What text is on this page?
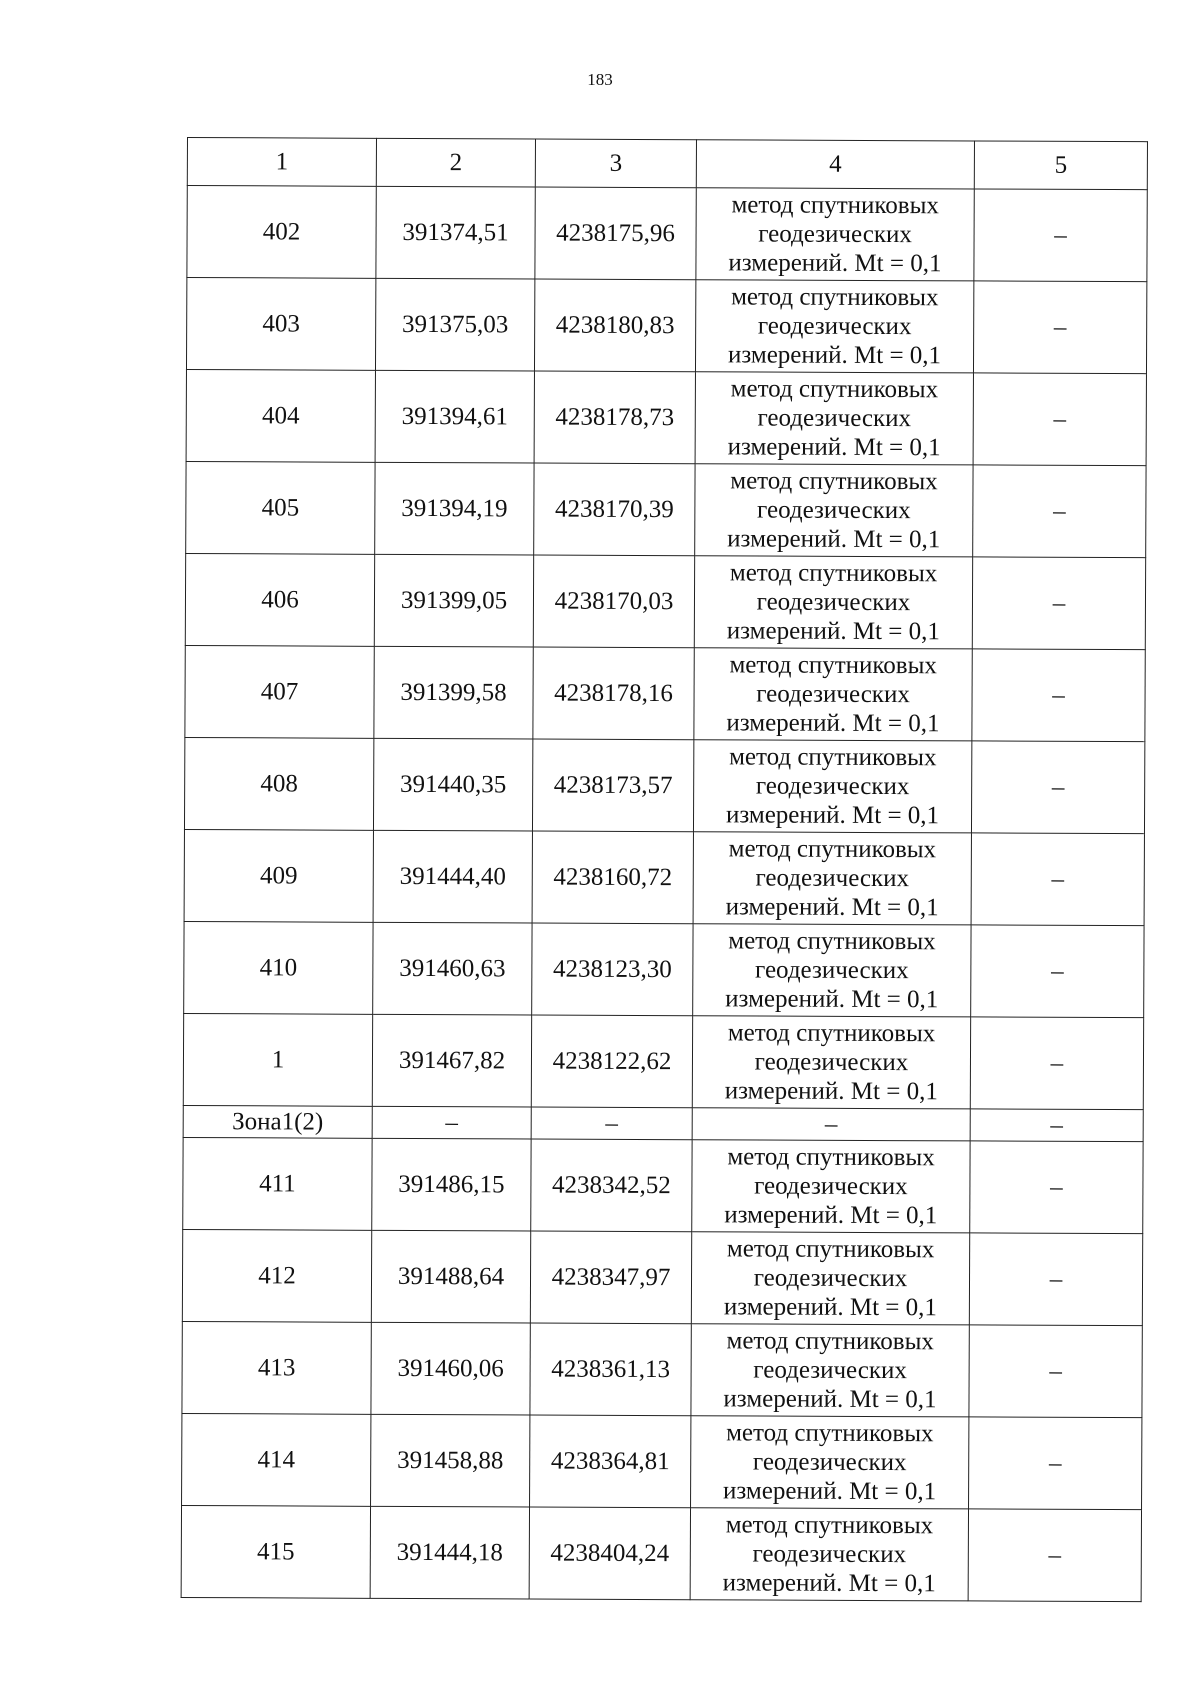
183
1	2	3	4	5
402	391374,51	4238175,96	метод спутниковых
геодезических
измерений. Mt = 0,1	–
403	391375,03	4238180,83	метод спутниковых
геодезических
измерений. Mt = 0,1	–
404	391394,61	4238178,73	метод спутниковых
геодезических
измерений. Mt = 0,1	–
405	391394,19	4238170,39	метод спутниковых
геодезических
измерений. Mt = 0,1	–
406	391399,05	4238170,03	метод спутниковых
геодезических
измерений. Mt = 0,1	–
407	391399,58	4238178,16	метод спутниковых
геодезических
измерений. Mt = 0,1	–
408	391440,35	4238173,57	метод спутниковых
геодезических
измерений. Mt = 0,1	–
409	391444,40	4238160,72	метод спутниковых
геодезических
измерений. Mt = 0,1	–
410	391460,63	4238123,30	метод спутниковых
геодезических
измерений. Mt = 0,1	–
1	391467,82	4238122,62	метод спутниковых
геодезических
измерений. Mt = 0,1	–
Зона1(2)	–	–	–	–
411	391486,15	4238342,52	метод спутниковых
геодезических
измерений. Mt = 0,1	–
412	391488,64	4238347,97	метод спутниковых
геодезических
измерений. Mt = 0,1	–
413	391460,06	4238361,13	метод спутниковых
геодезических
измерений. Mt = 0,1	–
414	391458,88	4238364,81	метод спутниковых
геодезических
измерений. Mt = 0,1	–
415	391444,18	4238404,24	метод спутниковых
геодезических
измерений. Mt = 0,1	–
